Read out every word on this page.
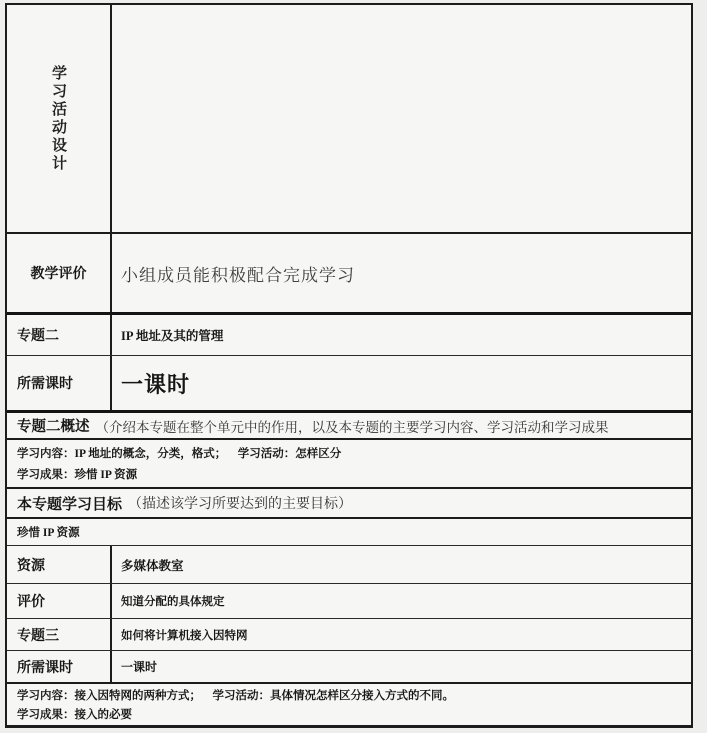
学习活动设计
教学评价 小组成员能积极配合完成学习
专题二	IP 地址及其的管理
所需课时 一课时
专题二概述 （介绍本专题在整个单元中的作用，以及本专题的主要学习内容、学习活动和学习成果
学习内容：IP 地址的概念，分类，格式；    学习活动：怎样区分
学习成果：珍惜 IP 资源
本专题学习目标 （描述该学习所要达到的主要目标）
珍惜 IP 资源
资源	多媒体教室
评价	知道分配的具体规定
专题三	如何将计算机接入因特网
所需课时	一课时
学习内容：接入因特网的两种方式；    学习活动：具体情况怎样区分接入方式的不同。
学习成果：接入的必要
